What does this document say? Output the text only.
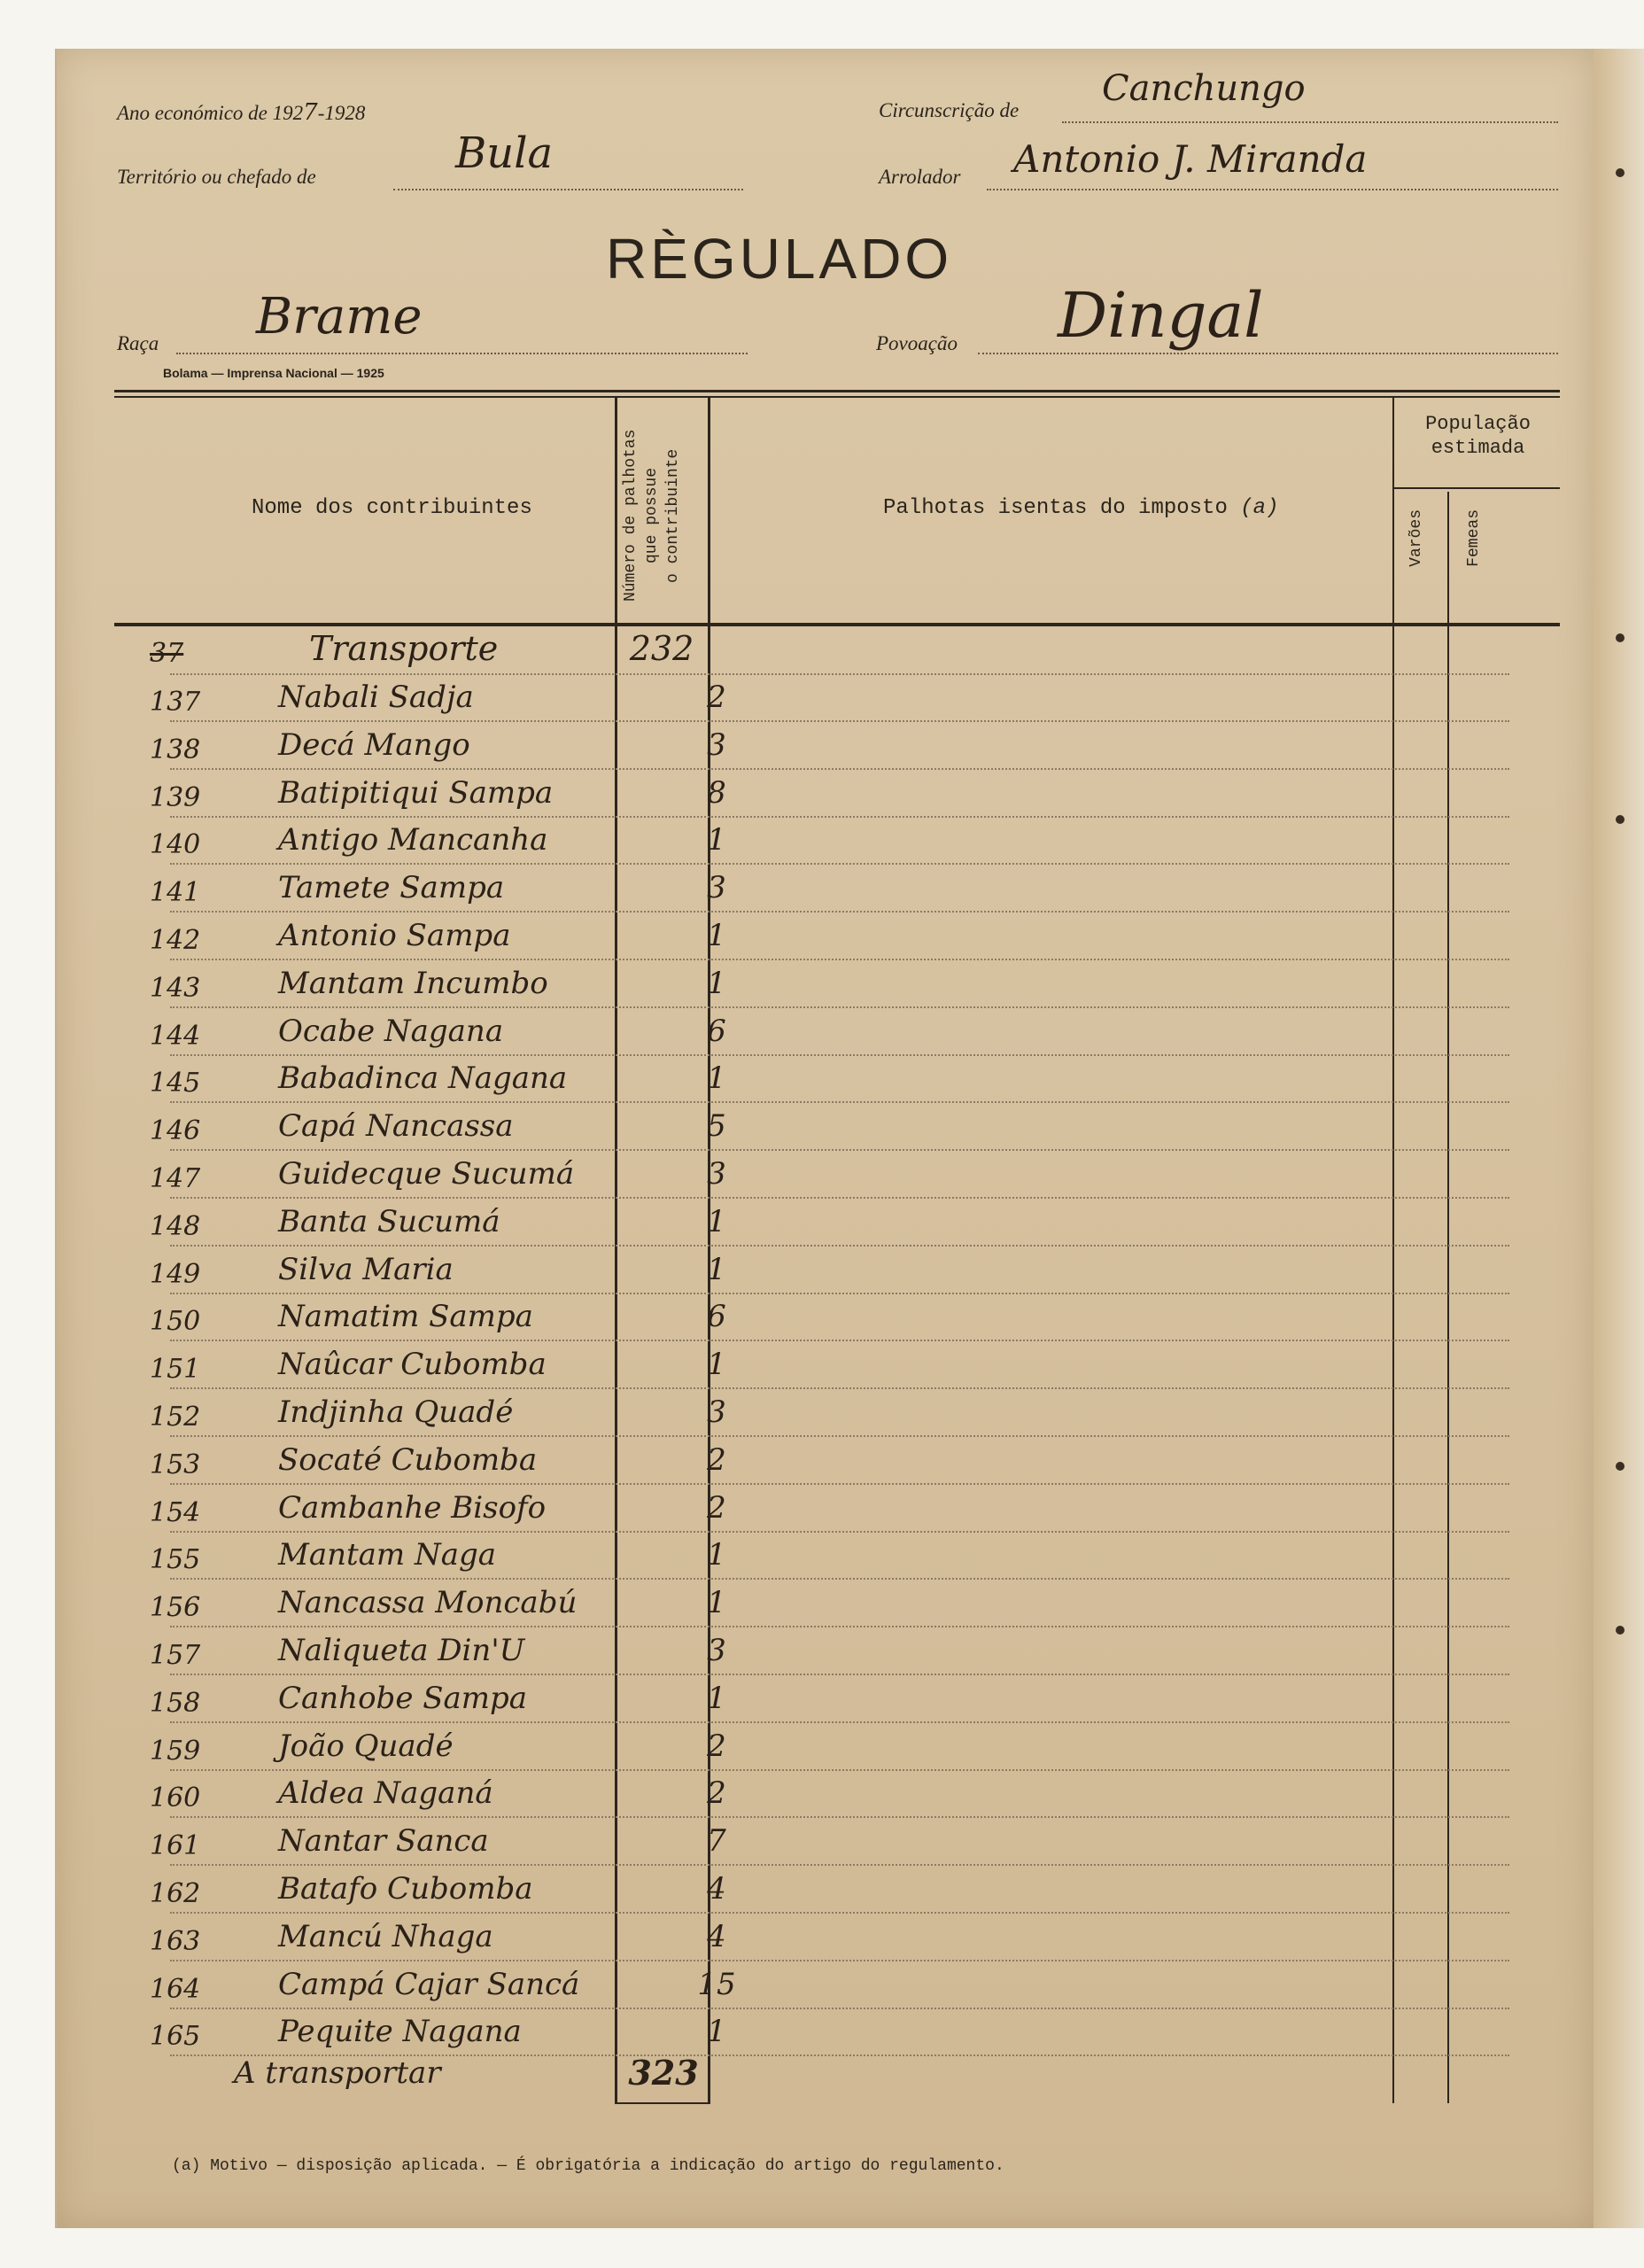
Ano económico de 1927-1928	Circunscrição de
Canchungo
Território ou chefado de	Bula	Arrolador Antonio J. Miranda
RÈGULADO
Raça Brame	Povoação Dingal
Bolama — Imprensa Nacional — 1925
Nome dos contribuintes	Número de palhotas que possue o contribuinte	Palhotas isentas do imposto (a)
População
estimada
Varões	Femeas
37	Transporte	232
137	Nabali Sadja	2
138	Decá Mango	3
139	Batipitiqui Sampa	8
140	Antigo Mancanha	1
141	Tamete Sampa	3
142	Antonio Sampa	1
143	Mantam Incumbo	1
144	Ocabe Nagana	6
145	Babadinca Nagana	1
146	Capá Nancassa	5
147	Guidecque Sucumá	3
148	Banta Sucumá	1
149	Silva Maria	1
150	Namatim Sampa	6
151	Naûcar Cubomba	1
152	Indjinha Quadé	3
153	Socaté Cubomba	2
154	Cambanhe Bisofo	2
155	Mantam Naga	1
156	Nancassa Moncabú	1
157	Naliqueta Din'U	3
158	Canhobe Sampa	1
159	João Quadé	2
160	Aldea Naganá	2
161	Nantar Sanca	7
162	Batafo Cubomba	4
163	Mancú Nhaga	4
164	Campá Cajar Sancá	15
165	Pequite Nagana	1
A transportar	323
(a) Motivo — disposição aplicada. — É obrigatória a indicação do artigo do regulamento.
